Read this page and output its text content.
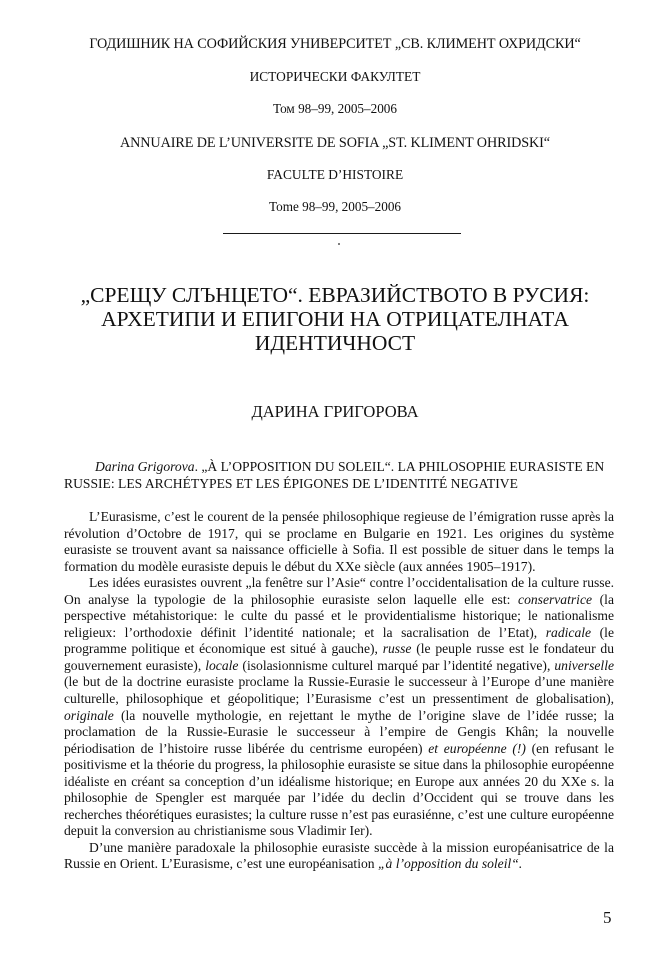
ГОДИШНИК НА СОФИЙСКИЯ УНИВЕРСИТЕТ „СВ. КЛИМЕНТ ОХРИДСКИ“
ИСТОРИЧЕСКИ ФАКУЛТЕТ
Том 98–99, 2005–2006
ANNUAIRE DE L’UNIVERSITE DE SOFIA „ST. KLIMENT OHRIDSKI“
FACULTE D’HISTOIRE
Tome 98–99, 2005–2006
„СРЕЩУ СЛЪНЦЕТО“. ЕВРАЗИЙСТВОТО В РУСИЯ:
АРХЕТИПИ И ЕПИГОНИ НА ОТРИЦАТЕЛНАТА
ИДЕНТИЧНОСТ
ДАРИНА ГРИГОРОВА
Darina Grigorova. „À L’OPPOSITION DU SOLEIL“. LA PHILOSOPHIE EURASISTE EN
RUSSIE: LES ARCHÉTYPES ET LES ÉPIGONES DE L’IDENTITÉ NEGATIVE

L’Eurasisme, c’est le courent de la pensée philosophique regieuse de l’émigration russe après la révolution d’Octobre de 1917, qui se proclame en Bulgarie en 1921. Les origines du système eurasiste se trouvent avant sa naissance officielle à Sofia. Il est possible de situer dans le temps la formation du modèle eurasiste depuis le début du XXe siècle (aux années 1905–1917).

Les idées eurasistes ouvrent „la fenêtre sur l’Asie“ contre l’occidentalisation de la culture russe. On analyse la typologie de la philosophie eurasiste selon laquelle elle est: conservatrice (la perspective métahistorique: le culte du passé et le providentialisme historique; le nationalisme religieux: l’orthodoxie définit l’identité nationale; et la sacralisation de l’Etat), radicale (le programme politique et économique est situé à gauche), russe (le peuple russe est le fondateur du gouvernement eurasiste), locale (isolasionnisme culturel marqué par l’identité negative), universelle (le but de la doctrine eurasiste proclame la Russie-Eurasie le successeur à l’Europe d’une manière culturelle, philosophique et géopolitique; l’Eurasisme c’est un pressentiment de globalisation), originale (la nouvelle mythologie, en rejettant le mythe de l’origine slave de l’idée russe; la proclamation de la Russie-Eurasie le successeur à l’empire de Gengis Khân; la nouvelle périodisation de l’histoire russe libérée du centrisme européen) et européenne (!) (en refusant le positivisme et la théorie du progress, la philosophie eurasiste se situe dans la philosophie européenne idéaliste en créant sa conception d’un idéalisme historique; en Europe aux années 20 du XXe s. la philosophie de Spengler est marquée par l’idée du declin d’Occident qui se trouve dans les recherches théorétiques eurasistes; la culture russe n’est pas eurasiénne, c’est une culture européenne depuit la conversion au christianisme sous Vladimir Ier).

D’une manière paradoxale la philosophie eurasiste succède à la mission européanisatrice de la Russie en Orient. L’Eurasisme, c’est une européanisation „à l’opposition du soleil“.

5
